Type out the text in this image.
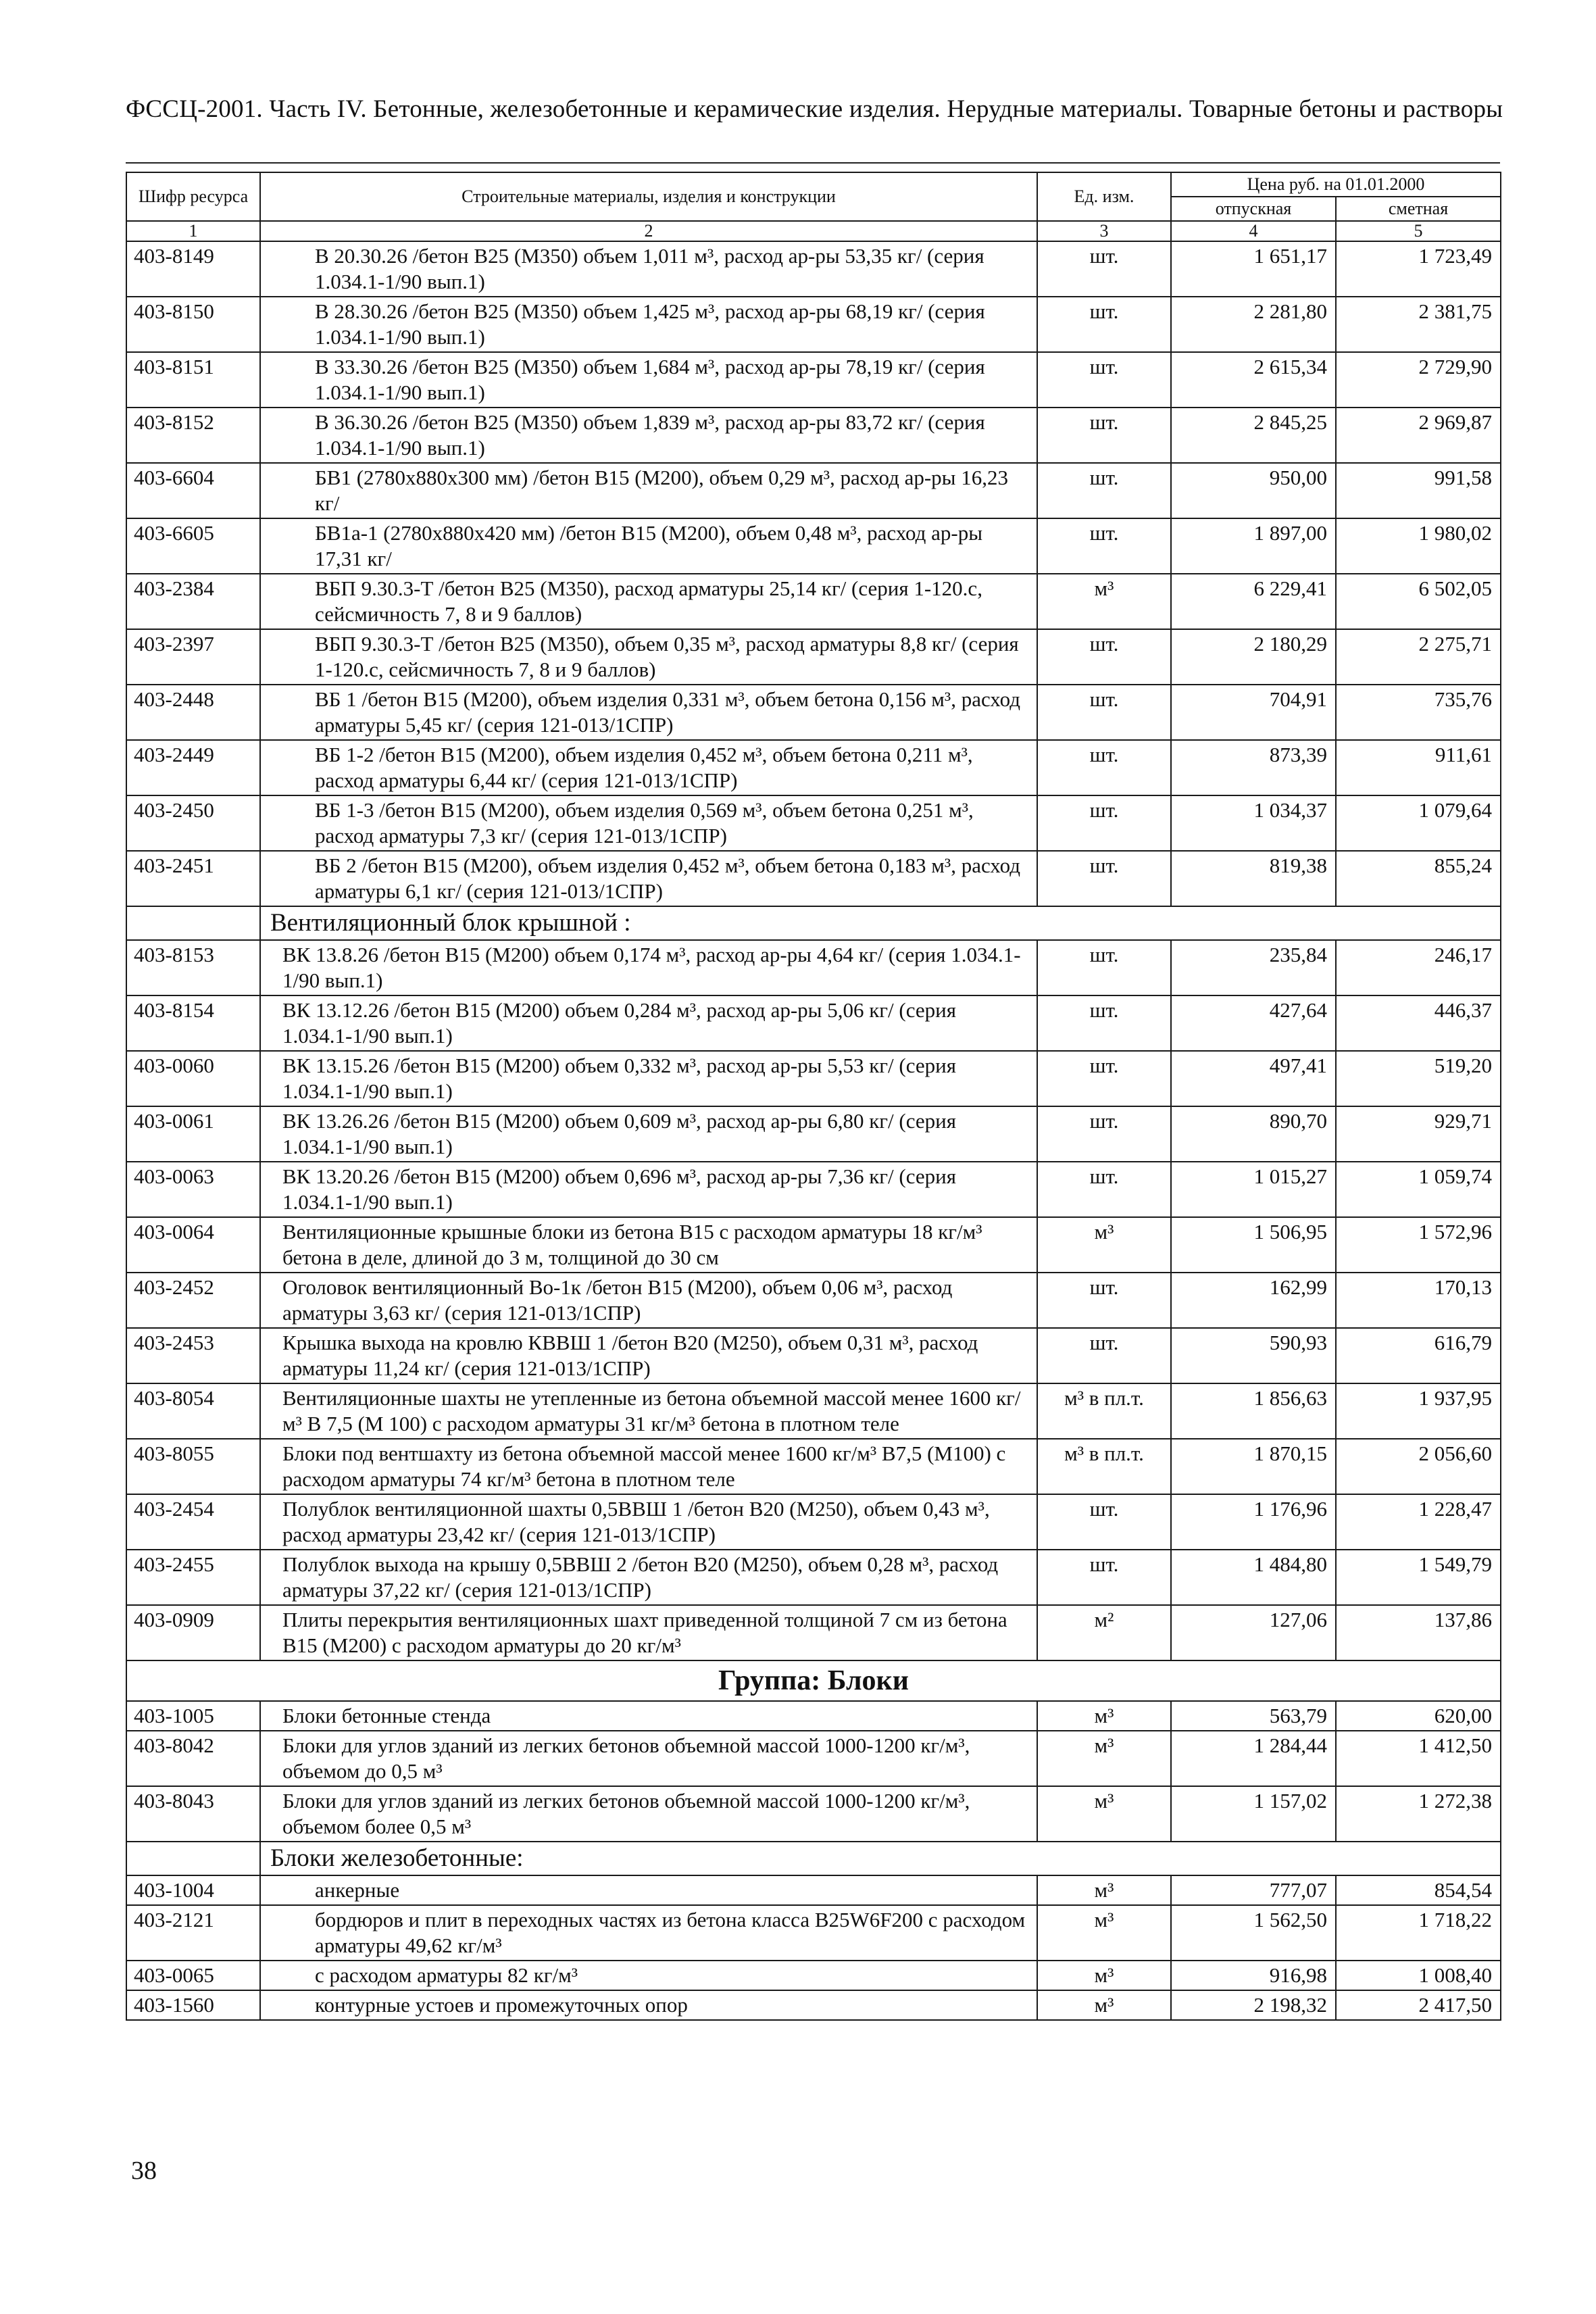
ФССЦ-2001. Часть IV. Бетонные, железобетонные и керамические изделия. Нерудные материалы. Товарные бетоны и растворы
Шифр ресурса	Строительные материалы, изделия и конструкции	Ед. изм.	Цена руб. на 01.01.2000	
			отпускная	сметная
1	2	3	4	5
403-8149	В 20.30.26 /бетон В25 (М350) объем 1,011 м³, расход ар-ры 53,35 кг/ (серия 1.034.1-1/90 вып.1)	шт.	1 651,17	1 723,49
403-8150	В 28.30.26 /бетон В25 (М350) объем 1,425 м³, расход ар-ры 68,19 кг/ (серия 1.034.1-1/90 вып.1)	шт.	2 281,80	2 381,75
403-8151	В 33.30.26 /бетон В25 (М350) объем 1,684 м³, расход ар-ры 78,19 кг/ (серия 1.034.1-1/90 вып.1)	шт.	2 615,34	2 729,90
403-8152	В 36.30.26 /бетон В25 (М350) объем 1,839 м³, расход ар-ры 83,72 кг/ (серия 1.034.1-1/90 вып.1)	шт.	2 845,25	2 969,87
403-6604	БВ1 (2780х880х300 мм) /бетон В15 (М200), объем 0,29 м³, расход ар-ры 16,23 кг/	шт.	950,00	991,58
403-6605	БВ1а-1 (2780х880х420 мм) /бетон В15 (М200), объем 0,48 м³, расход ар-ры 17,31 кг/	шт.	1 897,00	1 980,02
403-2384	ВБП 9.30.3-Т /бетон В25 (М350), расход арматуры 25,14 кг/ (серия 1-120.с, сейсмичность 7, 8 и 9 баллов)	м³	6 229,41	6 502,05
403-2397	ВБП 9.30.3-Т /бетон В25 (М350), объем 0,35 м³, расход арматуры 8,8 кг/ (серия 1-120.с, сейсмичность 7, 8 и 9 баллов)	шт.	2 180,29	2 275,71
403-2448	ВБ 1 /бетон В15 (М200), объем изделия 0,331 м³, объем бетона 0,156 м³, расход арматуры 5,45 кг/ (серия 121-013/1СПР)	шт.	704,91	735,76
403-2449	ВБ 1-2 /бетон В15 (М200), объем изделия 0,452 м³, объем бетона 0,211 м³, расход арматуры 6,44 кг/ (серия 121-013/1СПР)	шт.	873,39	911,61
403-2450	ВБ 1-3 /бетон В15 (М200), объем изделия 0,569 м³, объем бетона 0,251 м³, расход арматуры 7,3 кг/ (серия 121-013/1СПР)	шт.	1 034,37	1 079,64
403-2451	ВБ 2 /бетон В15 (М200), объем изделия 0,452 м³, объем бетона 0,183 м³, расход арматуры 6,1 кг/ (серия 121-013/1СПР)	шт.	819,38	855,24
	Вентиляционный блок крышной :			
403-8153	ВК 13.8.26 /бетон В15 (М200) объем 0,174 м³, расход ар-ры 4,64 кг/ (серия 1.034.1-1/90 вып.1)	шт.	235,84	246,17
403-8154	ВК 13.12.26 /бетон В15 (М200) объем 0,284 м³, расход ар-ры 5,06 кг/ (серия 1.034.1-1/90 вып.1)	шт.	427,64	446,37
403-0060	ВК 13.15.26 /бетон В15 (М200) объем 0,332 м³, расход ар-ры 5,53 кг/ (серия 1.034.1-1/90 вып.1)	шт.	497,41	519,20
403-0061	ВК 13.26.26 /бетон В15 (М200) объем 0,609 м³, расход ар-ры 6,80 кг/ (серия 1.034.1-1/90 вып.1)	шт.	890,70	929,71
403-0063	ВК 13.20.26 /бетон В15 (М200) объем 0,696 м³, расход ар-ры 7,36 кг/ (серия 1.034.1-1/90 вып.1)	шт.	1 015,27	1 059,74
403-0064	Вентиляционные крышные блоки из бетона В15 с расходом арматуры 18 кг/м³ бетона в деле, длиной до 3 м, толщиной до 30 см	м³	1 506,95	1 572,96
403-2452	Оголовок вентиляционный Во-1к /бетон В15 (М200), объем 0,06 м³, расход арматуры 3,63 кг/ (серия 121-013/1СПР)	шт.	162,99	170,13
403-2453	Крышка выхода на кровлю КВВШ 1 /бетон В20 (М250), объем 0,31 м³, расход арматуры 11,24 кг/ (серия 121-013/1СПР)	шт.	590,93	616,79
403-8054	Вентиляционные шахты не утепленные из бетона объемной массой менее 1600 кг/м³ В 7,5 (М 100) с расходом арматуры 31 кг/м³ бетона в плотном теле	м³ в пл.т.	1 856,63	1 937,95
403-8055	Блоки под вентшахту из бетона объемной массой менее 1600 кг/м³ В7,5 (М100) с расходом арматуры 74 кг/м³ бетона в плотном теле	м³ в пл.т.	1 870,15	2 056,60
403-2454	Полублок вентиляционной шахты 0,5ВВШ 1 /бетон В20 (М250), объем 0,43 м³, расход арматуры 23,42 кг/ (серия 121-013/1СПР)	шт.	1 176,96	1 228,47
403-2455	Полублок выхода на крышу 0,5ВВШ 2 /бетон В20 (М250), объем 0,28 м³, расход арматуры 37,22 кг/ (серия 121-013/1СПР)	шт.	1 484,80	1 549,79
403-0909	Плиты перекрытия вентиляционных шахт приведенной толщиной 7 см из бетона В15 (М200) с расходом арматуры до 20 кг/м³	м²	127,06	137,86
Группа: Блоки				
403-1005	Блоки бетонные стенда	м³	563,79	620,00
403-8042	Блоки для углов зданий из легких бетонов объемной массой 1000-1200 кг/м³, объемом до 0,5 м³	м³	1 284,44	1 412,50
403-8043	Блоки для углов зданий из легких бетонов объемной массой 1000-1200 кг/м³, объемом более 0,5 м³	м³	1 157,02	1 272,38
	Блоки железобетонные:			
403-1004	анкерные	м³	777,07	854,54
403-2121	бордюров и плит в переходных частях из бетона класса B25W6F200 с расходом арматуры 49,62 кг/м³	м³	1 562,50	1 718,22
403-0065	с расходом арматуры 82 кг/м³	м³	916,98	1 008,40
403-1560	контурные устоев и промежуточных опор	м³	2 198,32	2 417,50
38
